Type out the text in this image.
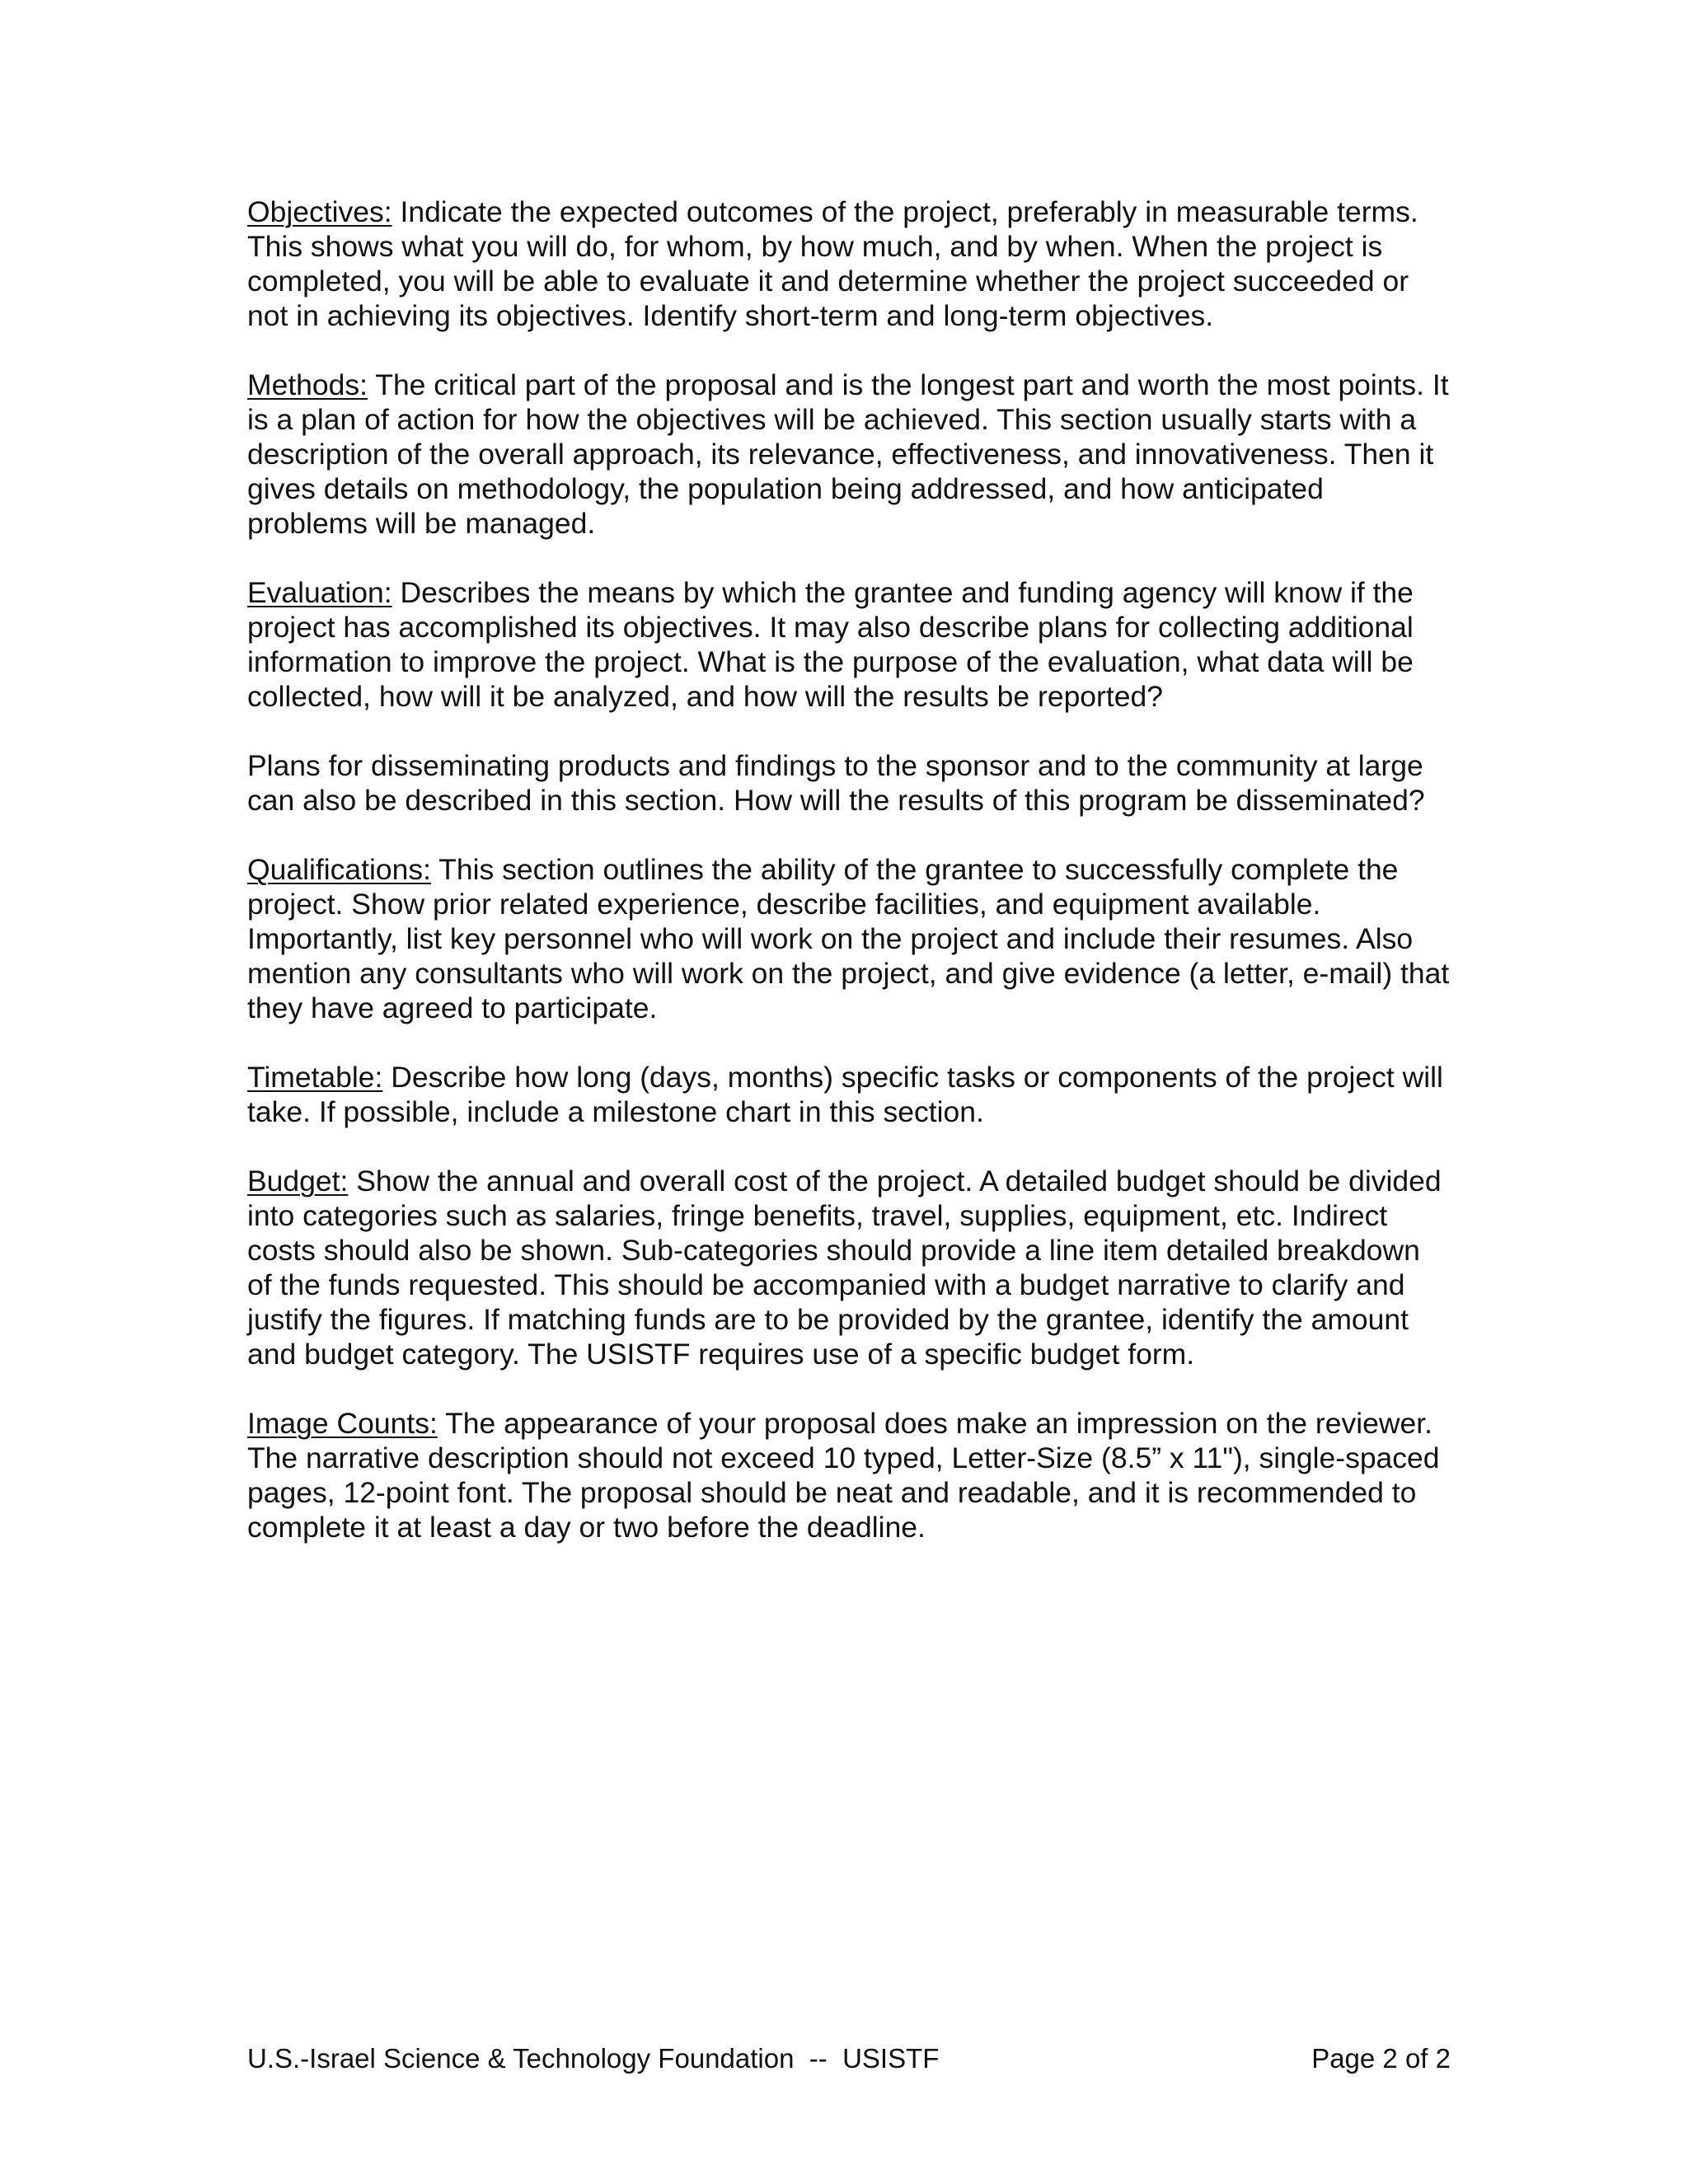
Objectives: Indicate the expected outcomes of the project, preferably in measurable terms. This shows what you will do, for whom, by how much, and by when. When the project is completed, you will be able to evaluate it and determine whether the project succeeded or not in achieving its objectives. Identify short-term and long-term objectives.

Methods: The critical part of the proposal and is the longest part and worth the most points. It is a plan of action for how the objectives will be achieved. This section usually starts with a description of the overall approach, its relevance, effectiveness, and innovativeness. Then it gives details on methodology, the population being addressed, and how anticipated problems will be managed.

Evaluation: Describes the means by which the grantee and funding agency will know if the project has accomplished its objectives. It may also describe plans for collecting additional information to improve the project. What is the purpose of the evaluation, what data will be collected, how will it be analyzed, and how will the results be reported?

Plans for disseminating products and findings to the sponsor and to the community at large can also be described in this section. How will the results of this program be disseminated?

Qualifications: This section outlines the ability of the grantee to successfully complete the project. Show prior related experience, describe facilities, and equipment available. Importantly, list key personnel who will work on the project and include their resumes. Also mention any consultants who will work on the project, and give evidence (a letter, e-mail) that they have agreed to participate.

Timetable: Describe how long (days, months) specific tasks or components of the project will take. If possible, include a milestone chart in this section.

Budget: Show the annual and overall cost of the project. A detailed budget should be divided into categories such as salaries, fringe benefits, travel, supplies, equipment, etc. Indirect costs should also be shown. Sub-categories should provide a line item detailed breakdown of the funds requested. This should be accompanied with a budget narrative to clarify and justify the figures. If matching funds are to be provided by the grantee, identify the amount and budget category. The USISTF requires use of a specific budget form.

Image Counts: The appearance of your proposal does make an impression on the reviewer. The narrative description should not exceed 10 typed, Letter-Size (8.5” x 11"), single-spaced pages, 12-point font. The proposal should be neat and readable, and it is recommended to complete it at least a day or two before the deadline.

U.S.-Israel Science & Technology Foundation  --  USISTF	Page 2 of 2
